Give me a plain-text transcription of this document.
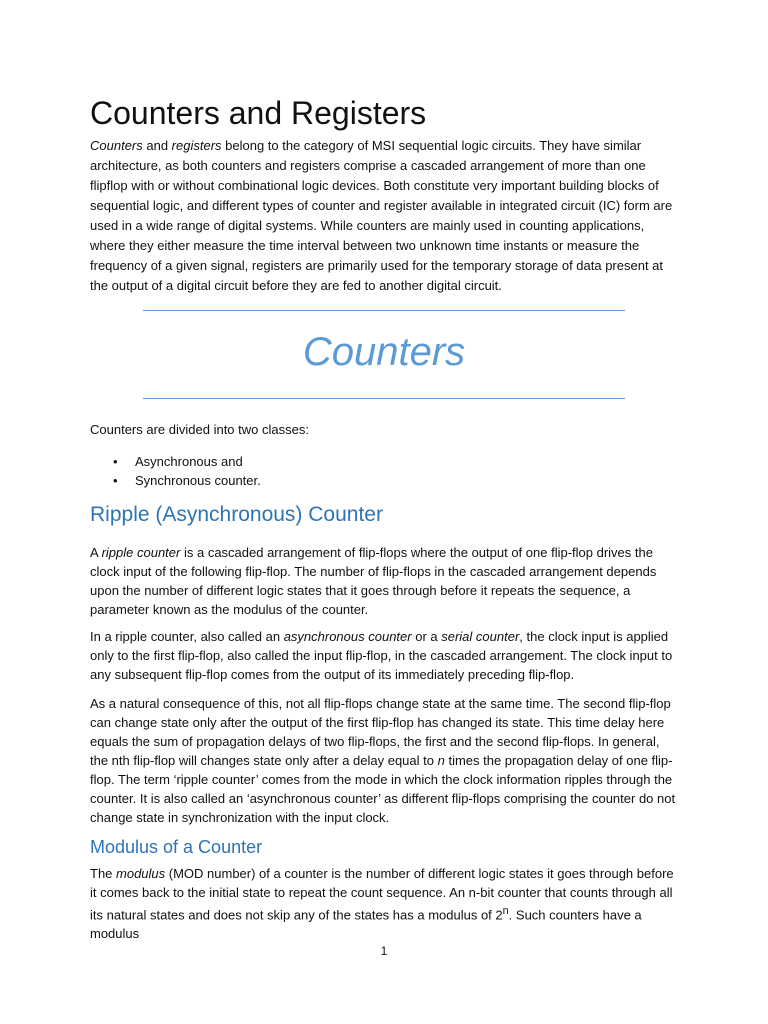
Counters and Registers

Counters and registers belong to the category of MSI sequential logic circuits. They have similar architecture, as both counters and registers comprise a cascaded arrangement of more than one flipflop with or without combinational logic devices. Both constitute very important building blocks of sequential logic, and different types of counter and register available in integrated circuit (IC) form are used in a wide range of digital systems. While counters are mainly used in counting applications, where they either measure the time interval between two unknown time instants or measure the frequency of a given signal, registers are primarily used for the temporary storage of data present at the output of a digital circuit before they are fed to another digital circuit.

Counters

Counters are divided into two classes:

• Asynchronous and
• Synchronous counter.
Ripple (Asynchronous) Counter

A ripple counter is a cascaded arrangement of flip-flops where the output of one flip-flop drives the clock input of the following flip-flop. The number of flip-flops in the cascaded arrangement depends upon the number of different logic states that it goes through before it repeats the sequence, a parameter known as the modulus of the counter.

In a ripple counter, also called an asynchronous counter or a serial counter, the clock input is applied only to the first flip-flop, also called the input flip-flop, in the cascaded arrangement. The clock input to any subsequent flip-flop comes from the output of its immediately preceding flip-flop.

As a natural consequence of this, not all flip-flops change state at the same time. The second flip-flop can change state only after the output of the first flip-flop has changed its state. This time delay here equals the sum of propagation delays of two flip-flops, the first and the second flip-flops. In general, the nth flip-flop will changes state only after a delay equal to n times the propagation delay of one flip-flop. The term ‘ripple counter’ comes from the mode in which the clock information ripples through the counter. It is also called an ‘asynchronous counter’ as different flip-flops comprising the counter do not change state in synchronization with the input clock.

Modulus of a Counter

The modulus (MOD number) of a counter is the number of different logic states it goes through before it comes back to the initial state to repeat the count sequence. An n-bit counter that counts through all its natural states and does not skip any of the states has a modulus of 2$^n$. Such counters have a modulus

1
